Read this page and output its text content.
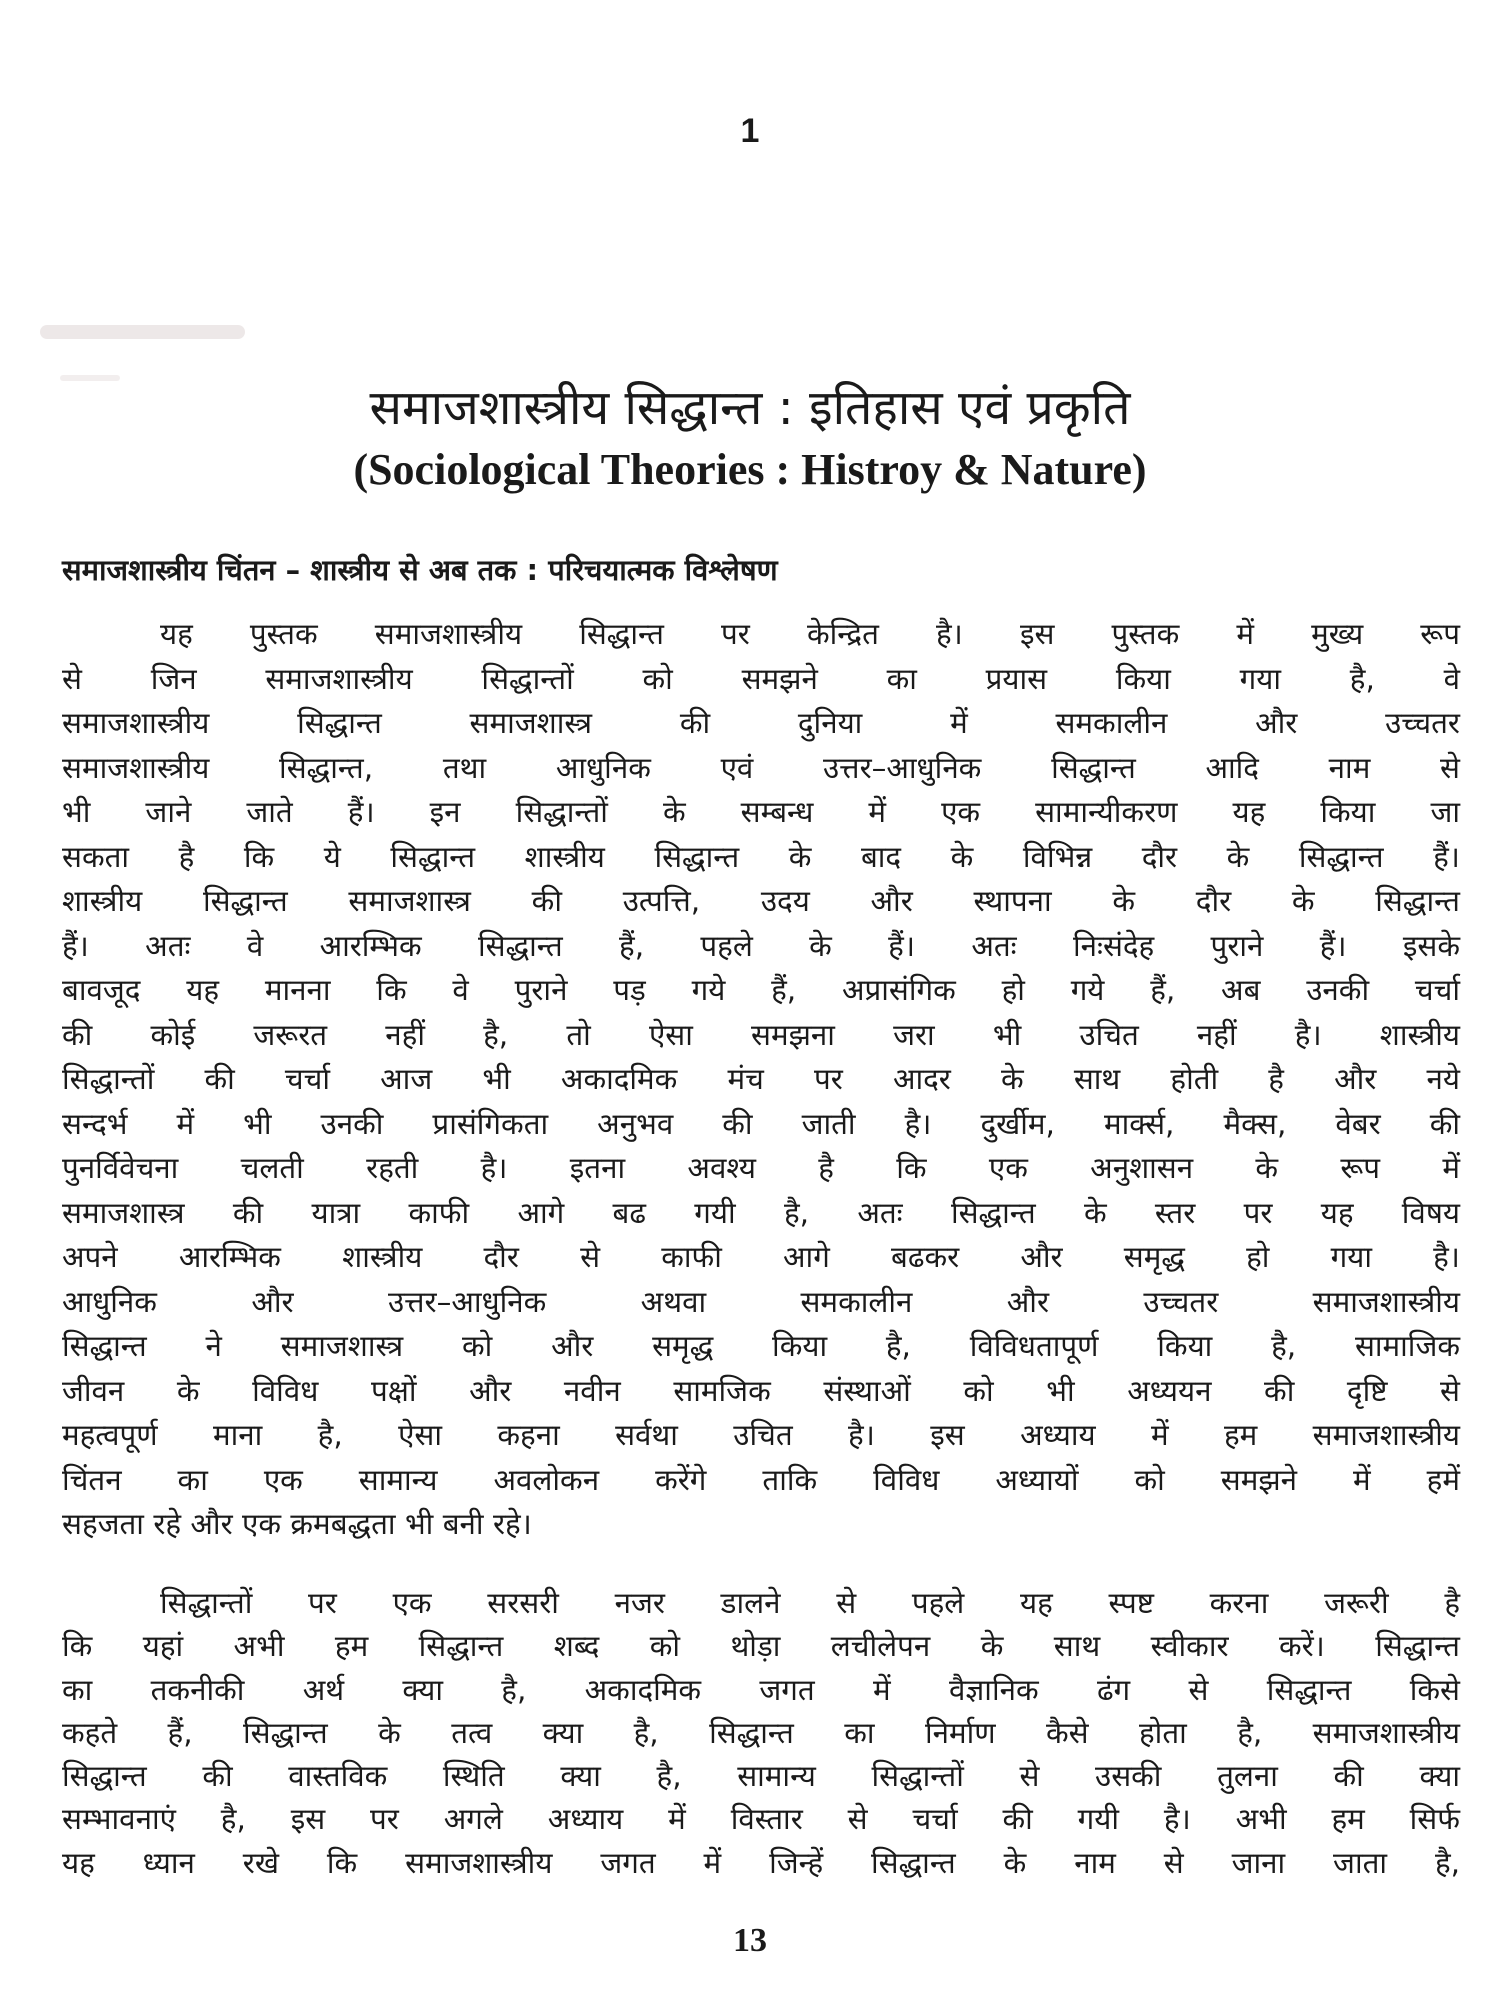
1
समाजशास्त्रीय सिद्धान्त : इतिहास एवं प्रकृति
(Sociological Theories : Histroy & Nature)
समाजशास्त्रीय चिंतन – शास्त्रीय से अब तक : परिचयात्मक विश्लेषण
यह पुस्तक समाजशास्त्रीय सिद्धान्त पर केन्द्रित है। इस पुस्तक में मुख्य रूप
से जिन समाजशास्त्रीय सिद्धान्तों को समझने का प्रयास किया गया है, वे
समाजशास्त्रीय सिद्धान्त समाजशास्त्र की दुनिया में समकालीन और उच्चतर
समाजशास्त्रीय सिद्धान्त, तथा आधुनिक एवं उत्तर–आधुनिक सिद्धान्त आदि नाम से
भी जाने जाते हैं। इन सिद्धान्तों के सम्बन्ध में एक सामान्यीकरण यह किया जा
सकता है कि ये सिद्धान्त शास्त्रीय सिद्धान्त के बाद के विभिन्न दौर के सिद्धान्त हैं।
शास्त्रीय सिद्धान्त समाजशास्त्र की उत्पत्ति, उदय और स्थापना के दौर के सिद्धान्त
हैं। अतः वे आरम्भिक सिद्धान्त हैं, पहले के हैं। अतः निःसंदेह पुराने हैं। इसके
बावजूद यह मानना कि वे पुराने पड़ गये हैं, अप्रासंगिक हो गये हैं, अब उनकी चर्चा
की कोई जरूरत नहीं है, तो ऐसा समझना जरा भी उचित नहीं है। शास्त्रीय
सिद्धान्तों की चर्चा आज भी अकादमिक मंच पर आदर के साथ होती है और नये
सन्दर्भ में भी उनकी प्रासंगिकता अनुभव की जाती है। दुर्खीम, मार्क्स, मैक्स, वेबर की
पुनर्विवेचना चलती रहती है। इतना अवश्य है कि एक अनुशासन के रूप में
समाजशास्त्र की यात्रा काफी आगे बढ गयी है, अतः सिद्धान्त के स्तर पर यह विषय
अपने आरम्भिक शास्त्रीय दौर से काफी आगे बढकर और समृद्ध हो गया है।
आधुनिक और उत्तर–आधुनिक अथवा समकालीन और उच्चतर समाजशास्त्रीय
सिद्धान्त ने समाजशास्त्र को और समृद्ध किया है, विविधतापूर्ण किया है, सामाजिक
जीवन के विविध पक्षों और नवीन सामजिक संस्थाओं को भी अध्ययन की दृष्टि से
महत्वपूर्ण माना है, ऐसा कहना सर्वथा उचित है। इस अध्याय में हम समाजशास्त्रीय
चिंतन का एक सामान्य अवलोकन करेंगे ताकि विविध अध्यायों को समझने में हमें
सहजता रहे और एक क्रमबद्धता भी बनी रहे।
सिद्धान्तों पर एक सरसरी नजर डालने से पहले यह स्पष्ट करना जरूरी है
कि यहां अभी हम सिद्धान्त शब्द को थोड़ा लचीलेपन के साथ स्वीकार करें। सिद्धान्त
का तकनीकी अर्थ क्या है, अकादमिक जगत में वैज्ञानिक ढंग से सिद्धान्त किसे
कहते हैं, सिद्धान्त के तत्व क्या है, सिद्धान्त का निर्माण कैसे होता है, समाजशास्त्रीय
सिद्धान्त की वास्तविक स्थिति क्या है, सामान्य सिद्धान्तों से उसकी तुलना की क्या
सम्भावनाएं है, इस पर अगले अध्याय में विस्तार से चर्चा की गयी है। अभी हम सिर्फ
यह ध्यान रखे कि समाजशास्त्रीय जगत में जिन्हें सिद्धान्त के नाम से जाना जाता है,
13
